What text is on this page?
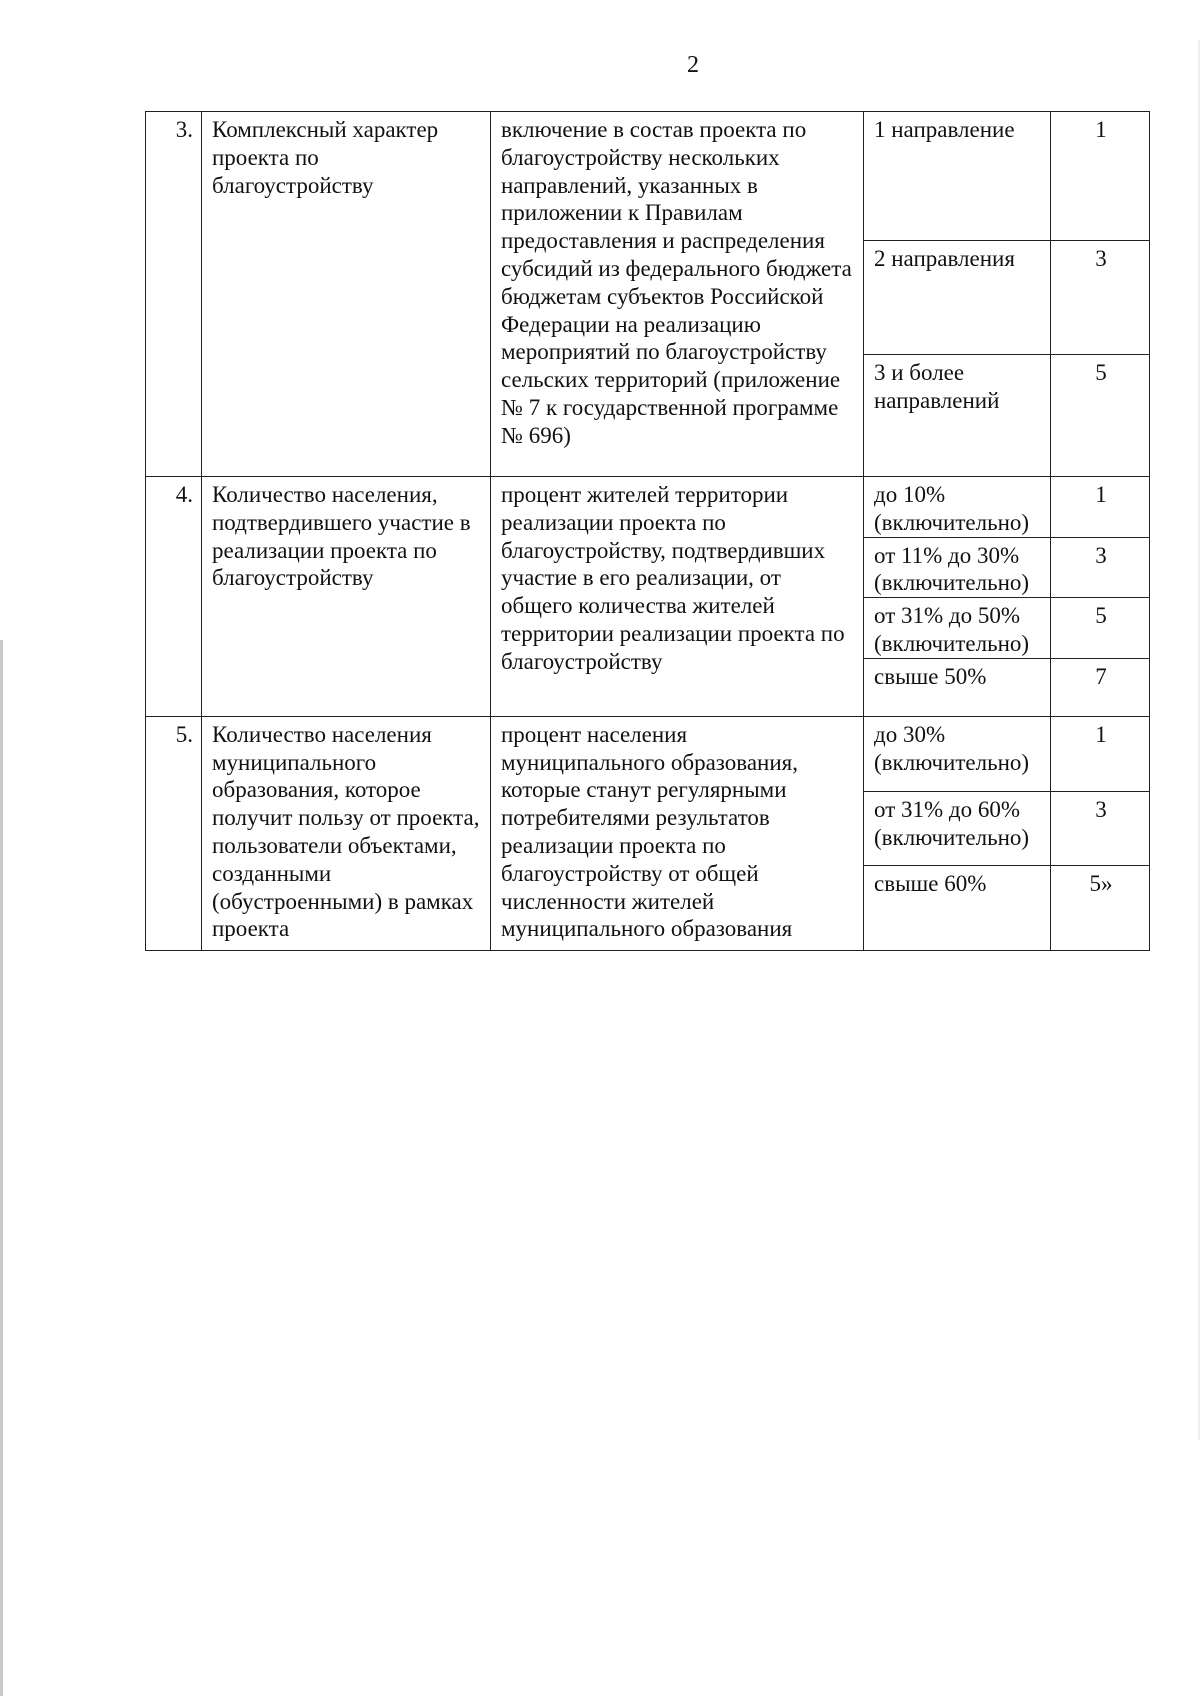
2
3.	Комплексный характер проекта по благоустройству	включение в состав проекта по благоустройству нескольких направлений, указанных в приложении к Правилам предоставления и распределения субсидий из федерального бюджета бюджетам субъектов Российской Федерации на реализацию мероприятий по благоустройству сельских территорий (приложение № 7 к государственной программе № 696)	1 направление	1
			2 направления	3
			3 и более направлений	5
4.	Количество населения, подтвердившего участие в реализации проекта по благоустройству	процент жителей территории реализации проекта по благоустройству, подтвердивших участие в его реализации, от общего количества жителей территории реализации проекта по благоустройству	до 10% (включительно)	1
			от 11% до 30% (включительно)	3
			от 31% до 50% (включительно)	5
			свыше 50%	7
5.	Количество населения муниципального образования, которое получит пользу от проекта, пользователи объектами, созданными (обустроенными) в рамках проекта	процент населения муниципального образования, которые станут регулярными потребителями результатов реализации проекта по благоустройству от общей численности жителей муниципального образования	до 30% (включительно)	1
			от 31% до 60% (включительно)	3
			свыше 60%	5»
